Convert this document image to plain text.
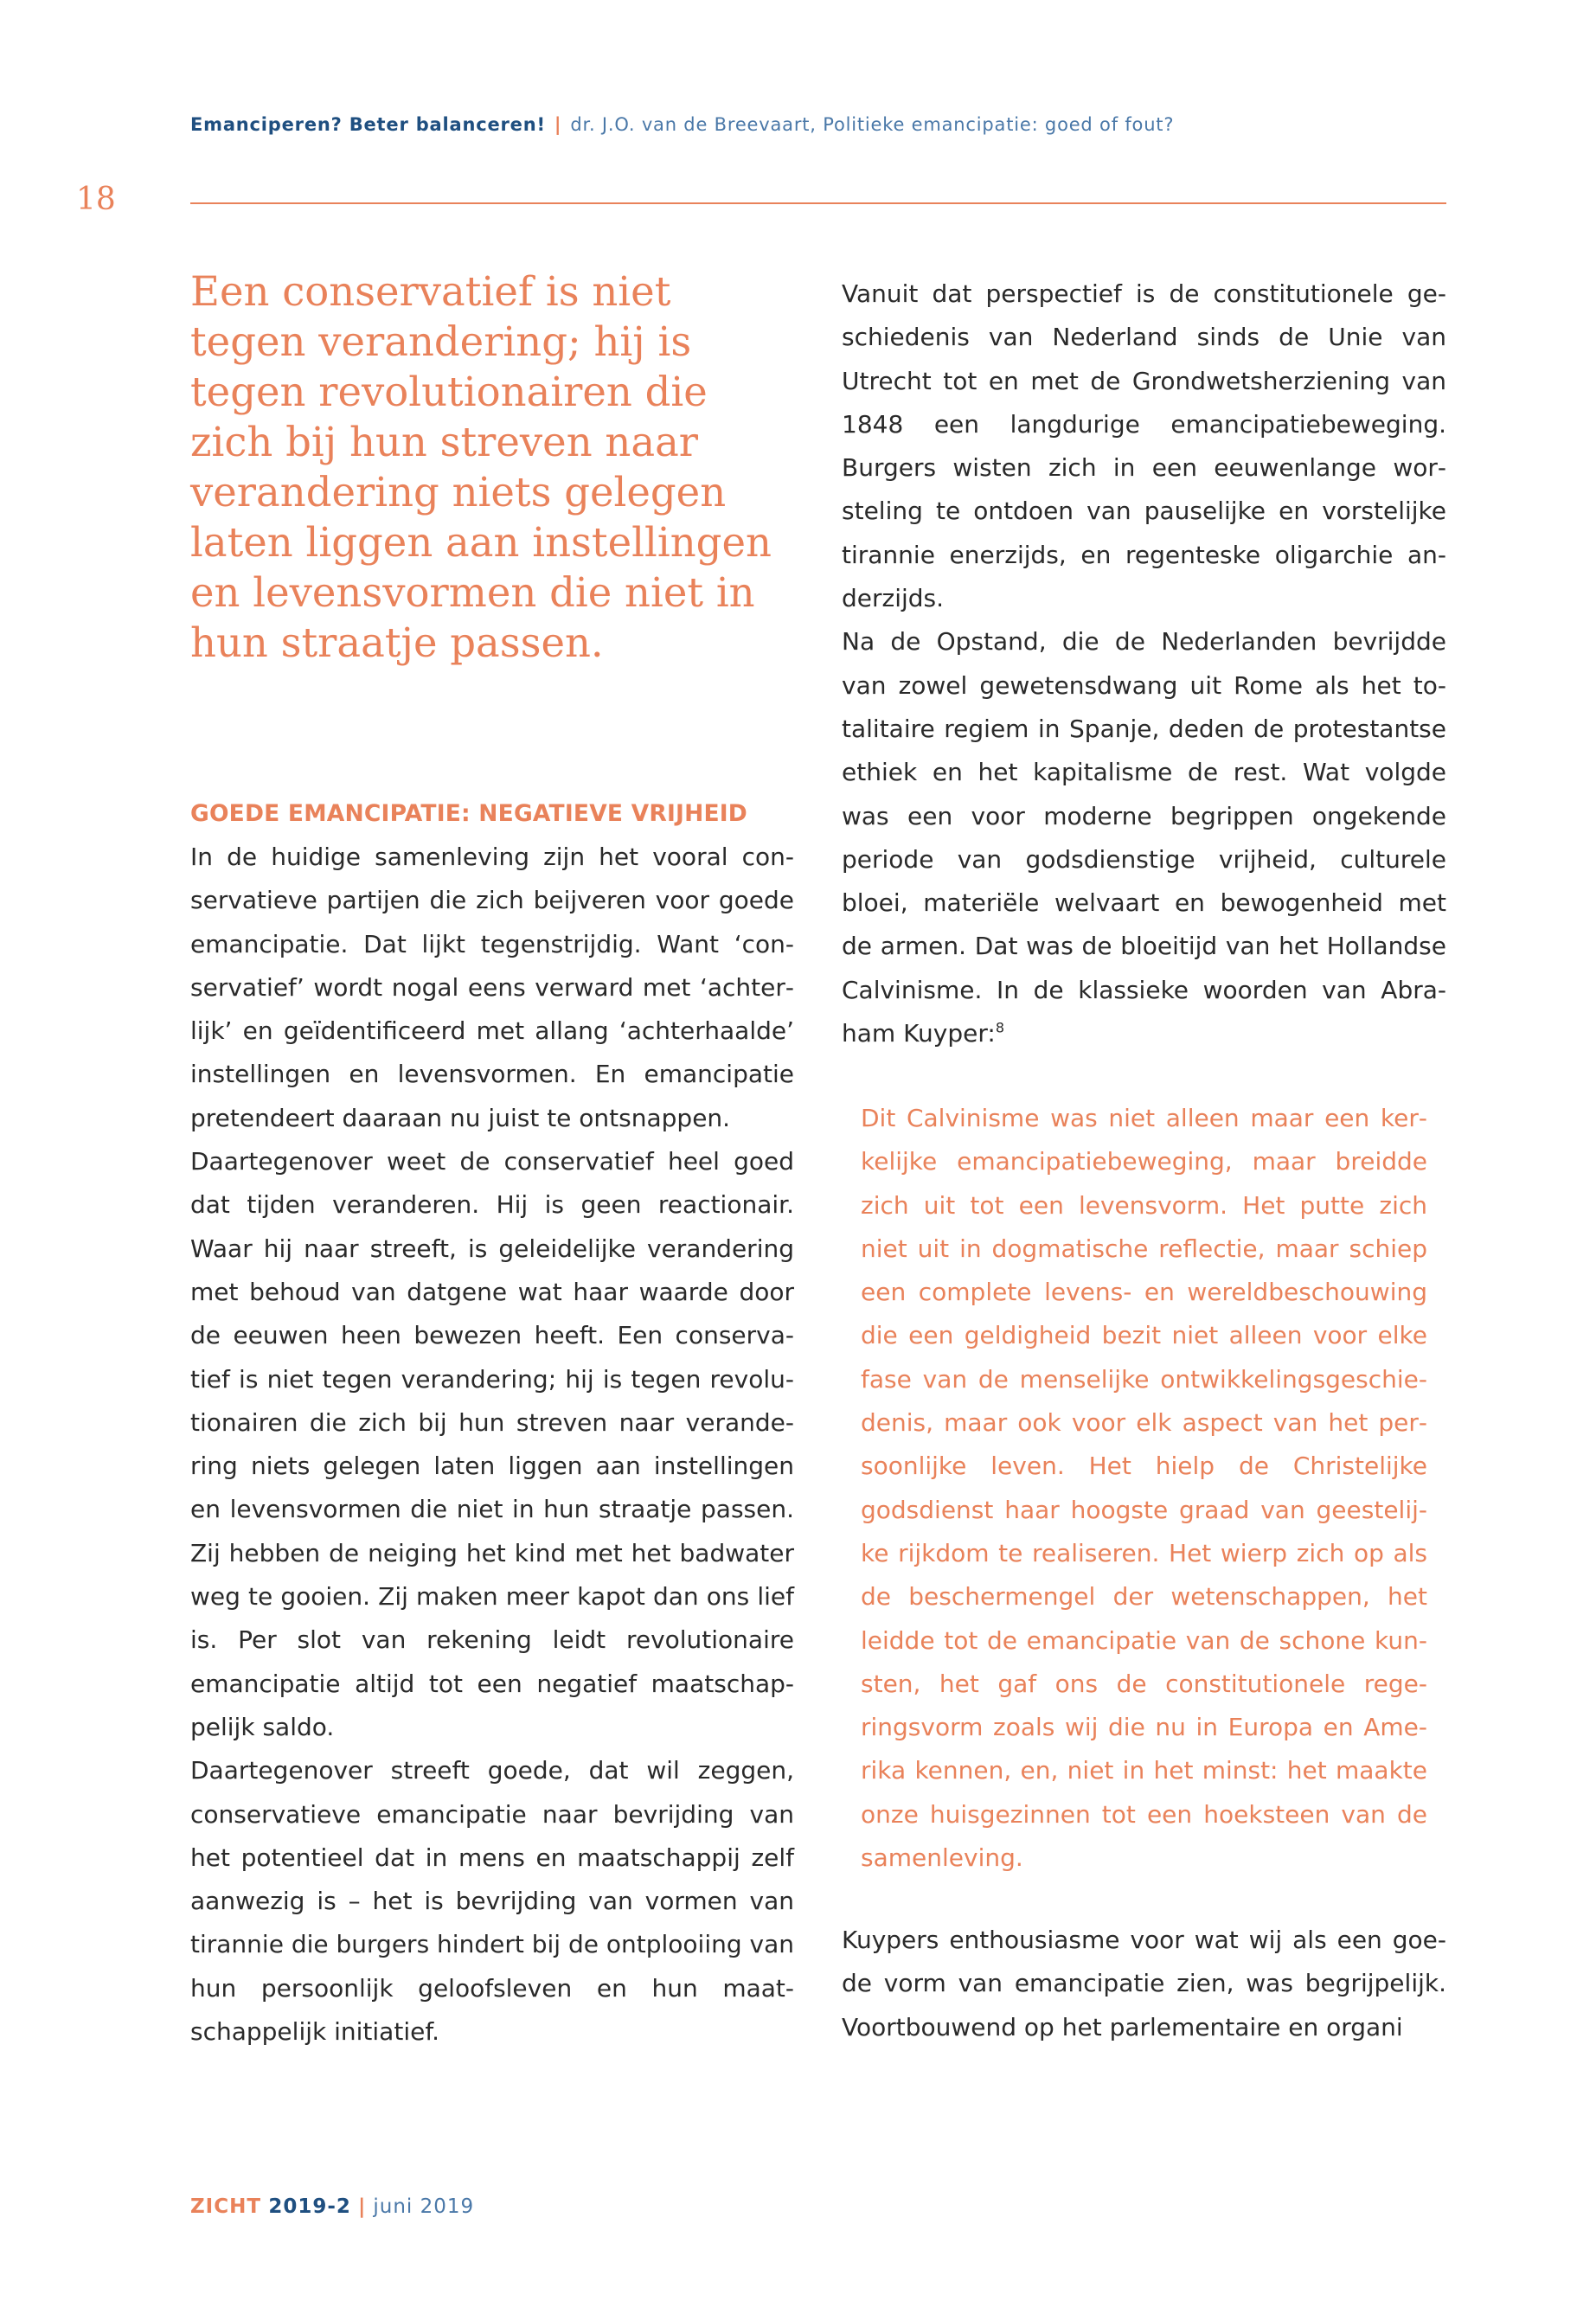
Emanciperen? Beter balanceren! | dr. J.O. van de Breevaart, Politieke emancipatie: goed of fout?
18
Een conservatief is niet tegen verandering; hij is tegen revolutionairen die zich bij hun streven naar verandering niets gelegen laten liggen aan instellingen en levensvormen die niet in hun straatje passen.
GOEDE EMANCIPATIE: NEGATIEVE VRIJHEID

In de huidige samenleving zijn het vooral conservatieve partijen die zich beijveren voor goede emancipatie. Dat lijkt tegenstrijdig. Want ‘conservatief’ wordt nogal eens verward met ‘achterlijk’ en geïdentificeerd met allang ‘achterhaalde’ instellingen en levensvormen. En emancipatie pretendeert daaraan nu juist te ontsnappen.

Daartegenover weet de conservatief heel goed dat tijden veranderen. Hij is geen reactionair. Waar hij naar streeft, is geleidelijke verandering met behoud van datgene wat haar waarde door de eeuwen heen bewezen heeft. Een conservatief is niet tegen verandering; hij is tegen revolutionairen die zich bij hun streven naar verandering niets gelegen laten liggen aan instellingen en levensvormen die niet in hun straatje passen. Zij hebben de neiging het kind met het badwater weg te gooien. Zij maken meer kapot dan ons lief is. Per slot van rekening leidt revolutionaire emancipatie altijd tot een negatief maatschappelijk saldo.

Daartegenover streeft goede, dat wil zeggen, conservatieve emancipatie naar bevrijding van het potentieel dat in mens en maatschappij zelf aanwezig is – het is bevrijding van vormen van tirannie die burgers hindert bij de ontplooiing van hun persoonlijk geloofsleven en hun maatschappelijk initiatief.

Vanuit dat perspectief is de constitutionele geschiedenis van Nederland sinds de Unie van Utrecht tot en met de Grondwetsherziening van 1848 een langdurige emancipatiebeweging. Burgers wisten zich in een eeuwenlange worsteling te ontdoen van pauselijke en vorstelijke tirannie enerzijds, en regenteske oligarchie anderzijds.

Na de Opstand, die de Nederlanden bevrijdde van zowel gewetensdwang uit Rome als het totalitaire regiem in Spanje, deden de protestantse ethiek en het kapitalisme de rest. Wat volgde was een voor moderne begrippen ongekende periode van godsdienstige vrijheid, culturele bloei, materiële welvaart en bewogenheid met de armen. Dat was de bloeitijd van het Hollandse Calvinisme. In de klassieke woorden van Abraham Kuyper:$^8$

Dit Calvinisme was niet alleen maar een kerkelijke emancipatiebeweging, maar breidde zich uit tot een levensvorm. Het putte zich niet uit in dogmatische reflectie, maar schiep een complete levens- en wereldbeschouwing die een geldigheid bezit niet alleen voor elke fase van de menselijke ontwikkelingsgeschiedenis, maar ook voor elk aspect van het persoonlijke leven. Het hielp de Christelijke godsdienst haar hoogste graad van geestelijke rijkdom te realiseren. Het wierp zich op als de beschermengel der wetenschappen, het leidde tot de emancipatie van de schone kunsten, het gaf ons de constitutionele regeringsvorm zoals wij die nu in Europa en Amerika kennen, en, niet in het minst: het maakte onze huisgezinnen tot een hoeksteen van de samenleving.

Kuypers enthousiasme voor wat wij als een goede vorm van emancipatie zien, was begrijpelijk. Voortbouwend op het parlementaire en organi

ZICHT 2019-2 | juni 2019
